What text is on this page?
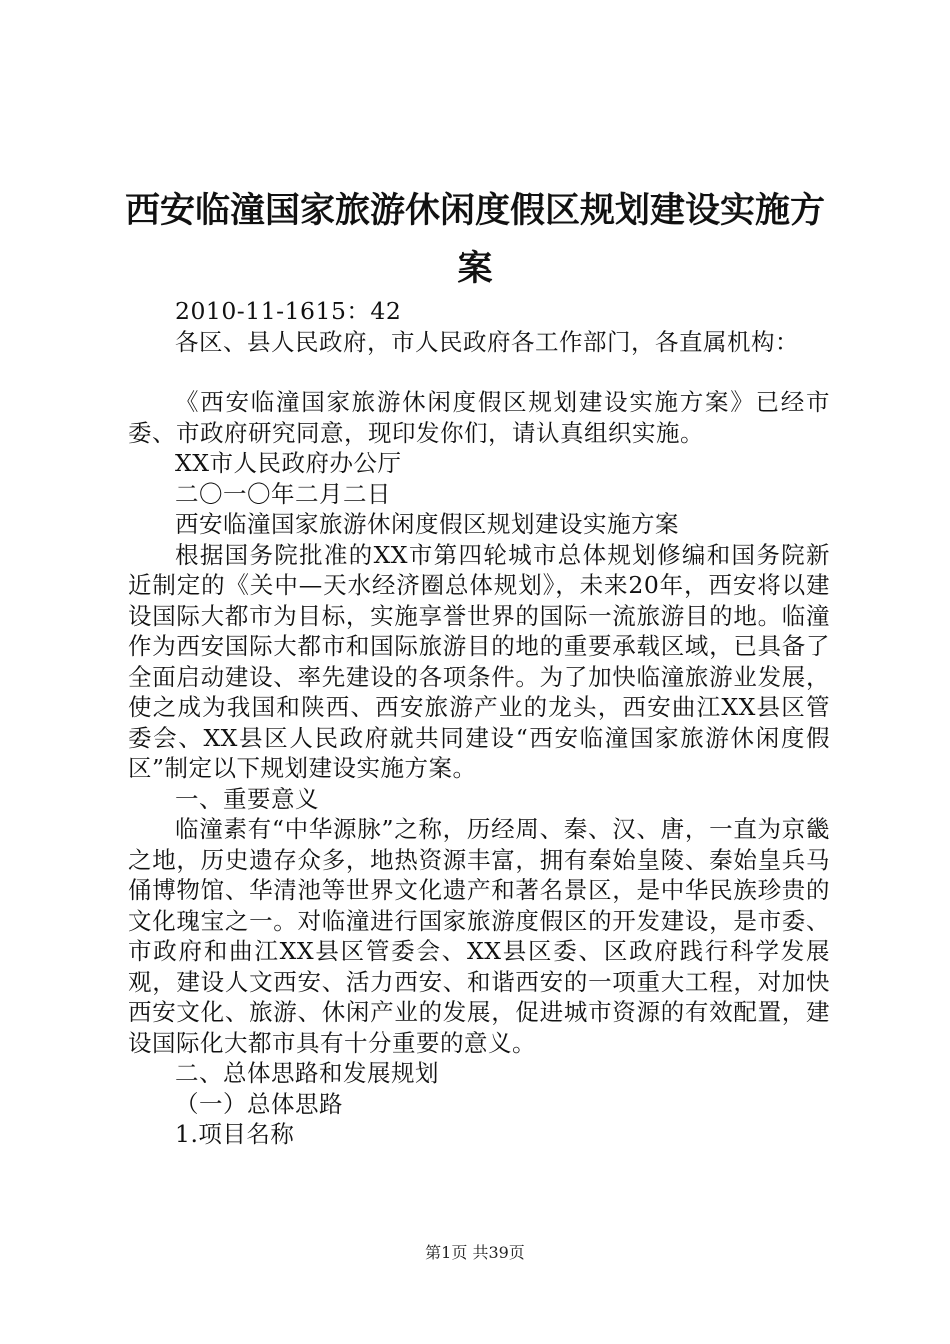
西安临潼国家旅游休闲度假区规划建设实施方案

2010-11-1615：42

各区、县人民政府，市人民政府各工作部门，各直属机构：

《西安临潼国家旅游休闲度假区规划建设实施方案》已经市委、市政府研究同意，现印发你们，请认真组织实施。

XX市人民政府办公厅

二〇一〇年二月二日

西安临潼国家旅游休闲度假区规划建设实施方案

根据国务院批准的XX市第四轮城市总体规划修编和国务院新近制定的《关中—天水经济圈总体规划》，未来20年，西安将以建设国际大都市为目标，实施享誉世界的国际一流旅游目的地。临潼作为西安国际大都市和国际旅游目的地的重要承载区域，已具备了全面启动建设、率先建设的各项条件。为了加快临潼旅游业发展，使之成为我国和陕西、西安旅游产业的龙头，西安曲江XX县区管委会、XX县区人民政府就共同建设“西安临潼国家旅游休闲度假区”制定以下规划建设实施方案。

一、重要意义

临潼素有“中华源脉”之称，历经周、秦、汉、唐，一直为京畿之地，历史遗存众多，地热资源丰富，拥有秦始皇陵、秦始皇兵马俑博物馆、华清池等世界文化遗产和著名景区，是中华民族珍贵的文化瑰宝之一。对临潼进行国家旅游度假区的开发建设，是市委、市政府和曲江XX县区管委会、XX县区委、区政府践行科学发展观，建设人文西安、活力西安、和谐西安的一项重大工程，对加快西安文化、旅游、休闲产业的发展，促进城市资源的有效配置，建设国际化大都市具有十分重要的意义。

二、总体思路和发展规划

（一）总体思路

1.项目名称

第1页 共39页
